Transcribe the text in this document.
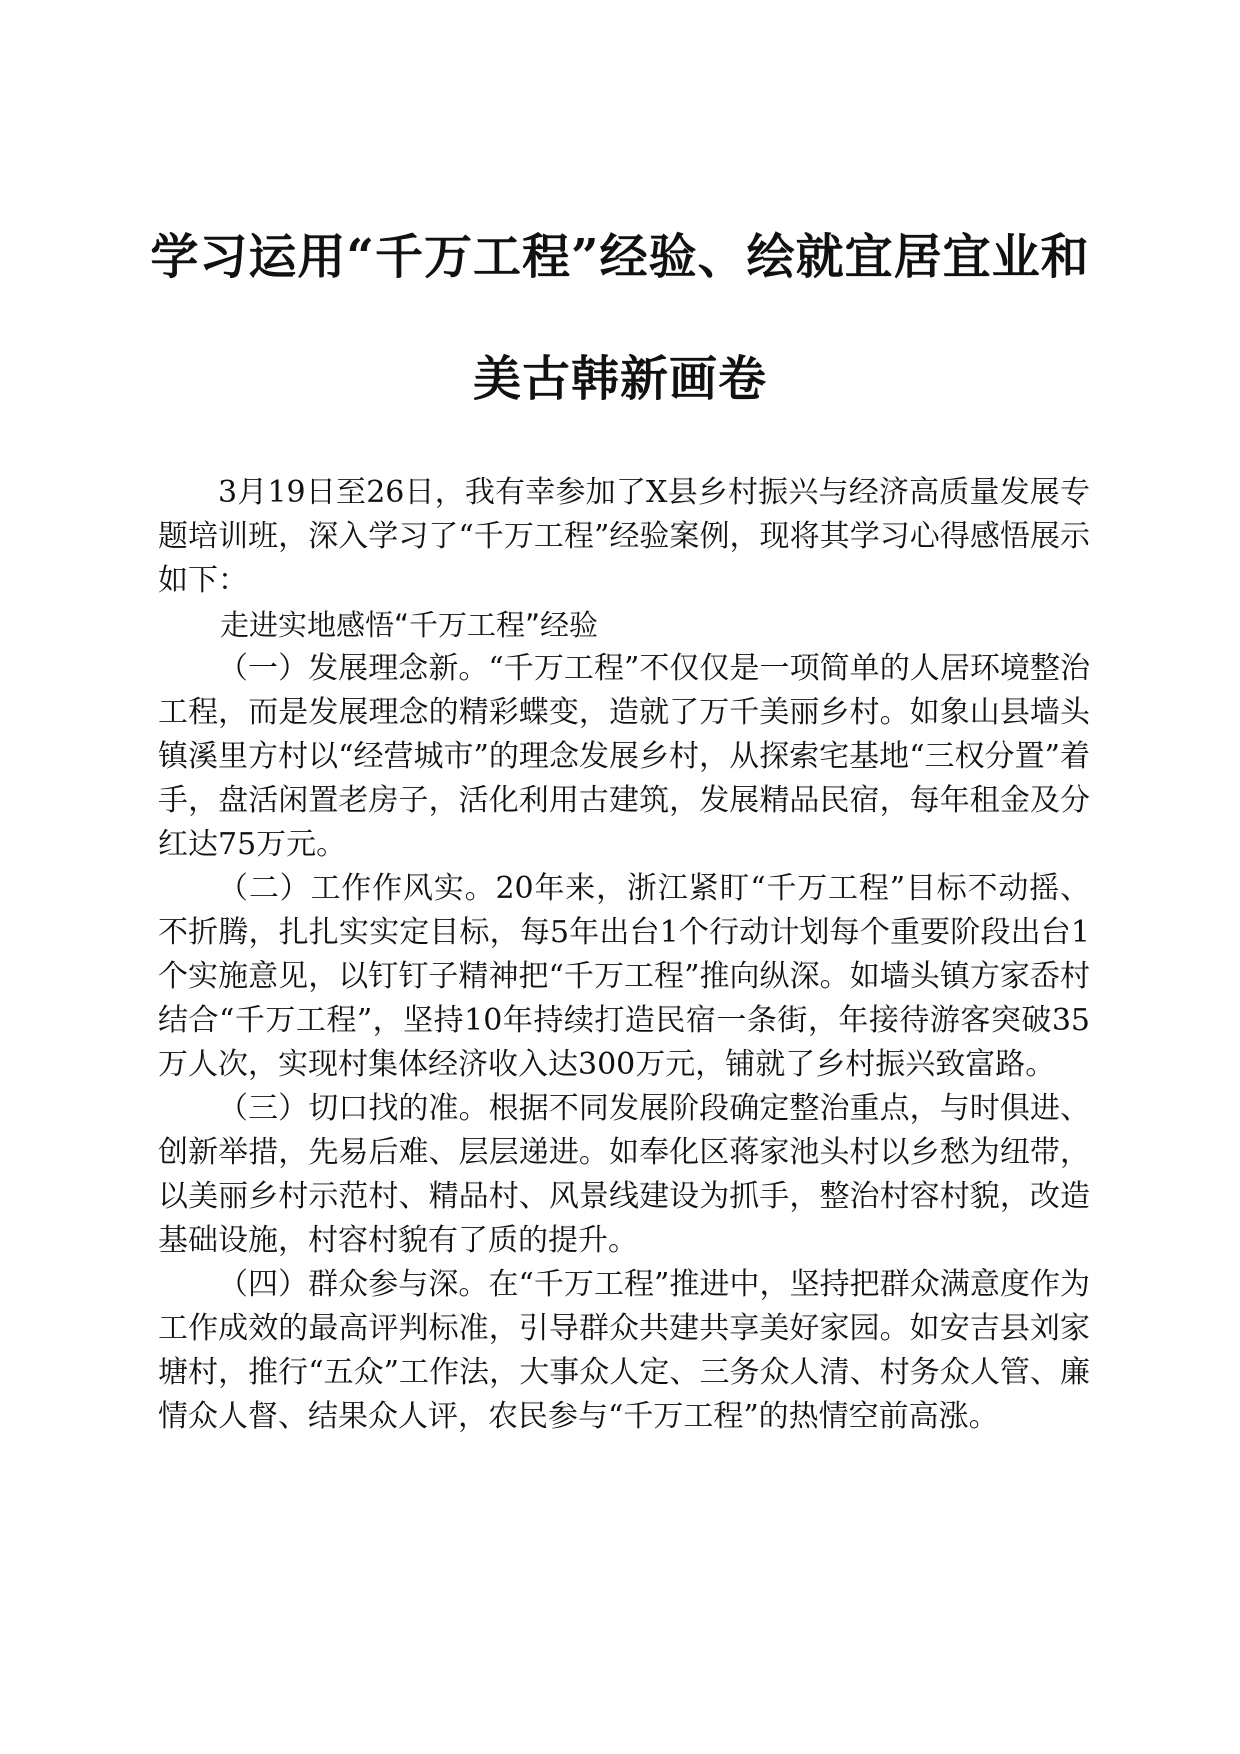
学习运用“千万工程”经验、绘就宜居宜业和
美古韩新画卷

3月19日至26日，我有幸参加了X县乡村振兴与经济高质量发展专题培训班，深入学习了“千万工程”经验案例，现将其学习心得感悟展示如下：

走进实地感悟“千万工程”经验

（一）发展理念新。“千万工程”不仅仅是一项简单的人居环境整治工程，而是发展理念的精彩蝶变，造就了万千美丽乡村。如象山县墙头镇溪里方村以“经营城市”的理念发展乡村，从探索宅基地“三权分置”着手，盘活闲置老房子，活化利用古建筑，发展精品民宿，每年租金及分红达75万元。

（二）工作作风实。20年来，浙江紧盯“千万工程”目标不动摇、不折腾，扎扎实实定目标，每5年出台1个行动计划每个重要阶段出台1个实施意见，以钉钉子精神把“千万工程”推向纵深。如墙头镇方家岙村结合“千万工程”，坚持10年持续打造民宿一条街，年接待游客突破35万人次，实现村集体经济收入达300万元，铺就了乡村振兴致富路。

（三）切口找的准。根据不同发展阶段确定整治重点，与时俱进、创新举措，先易后难、层层递进。如奉化区蒋家池头村以乡愁为纽带，以美丽乡村示范村、精品村、风景线建设为抓手，整治村容村貌，改造基础设施，村容村貌有了质的提升。

（四）群众参与深。在“千万工程”推进中，坚持把群众满意度作为工作成效的最高评判标准，引导群众共建共享美好家园。如安吉县刘家塘村，推行“五众”工作法，大事众人定、三务众人清、村务众人管、廉情众人督、结果众人评，农民参与“千万工程”的热情空前高涨。
